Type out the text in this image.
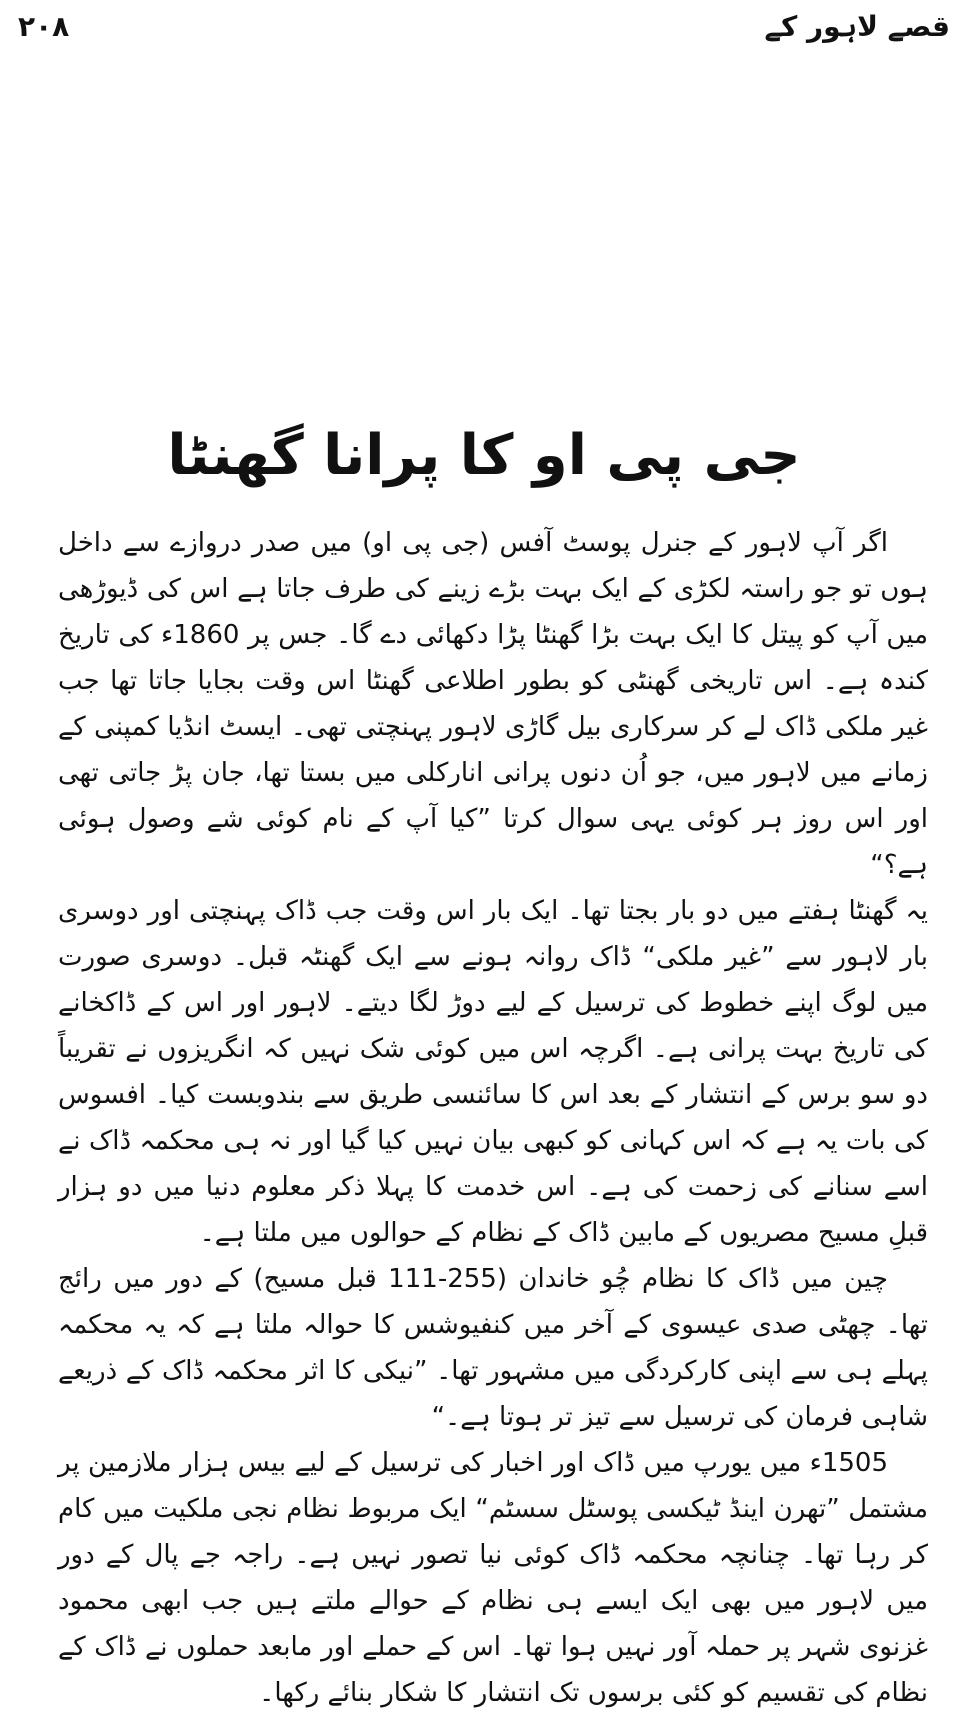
۲۰۸	قصے لاہور کے
جی پی او کا پرانا گھنٹا

اگر آپ لاہور کے جنرل پوسٹ آفس (جی پی او) میں صدر دروازے سے داخل ہوں تو جو راستہ لکڑی کے ایک بہت بڑے زینے کی طرف جاتا ہے اس کی ڈیوڑھی میں آپ کو پیتل کا ایک بہت بڑا گھنٹا پڑا دکھائی دے گا۔ جس پر 1860ء کی تاریخ کندہ ہے۔ اس تاریخی گھنٹی کو بطور اطلاعی گھنٹا اس وقت بجایا جاتا تھا جب غیر ملکی ڈاک لے کر سرکاری بیل گاڑی لاہور پہنچتی تھی۔ ایسٹ انڈیا کمپنی کے زمانے میں لاہور میں، جو اُن دنوں پرانی انارکلی میں بستا تھا، جان پڑ جاتی تھی اور اس روز ہر کوئی یہی سوال کرتا ”کیا آپ کے نام کوئی شے وصول ہوئی ہے؟“

یہ گھنٹا ہفتے میں دو بار بجتا تھا۔ ایک بار اس وقت جب ڈاک پہنچتی اور دوسری بار لاہور سے ”غیر ملکی“ ڈاک روانہ ہونے سے ایک گھنٹہ قبل۔ دوسری صورت میں لوگ اپنے خطوط کی ترسیل کے لیے دوڑ لگا دیتے۔ لاہور اور اس کے ڈاکخانے کی تاریخ بہت پرانی ہے۔ اگرچہ اس میں کوئی شک نہیں کہ انگریزوں نے تقریباً دو سو برس کے انتشار کے بعد اس کا سائنسی طریق سے بندوبست کیا۔ افسوس کی بات یہ ہے کہ اس کہانی کو کبھی بیان نہیں کیا گیا اور نہ ہی محکمہ ڈاک نے اسے سنانے کی زحمت کی ہے۔ اس خدمت کا پہلا ذکر معلوم دنیا میں دو ہزار قبلِ مسیح مصریوں کے مابین ڈاک کے نظام کے حوالوں میں ملتا ہے۔

چین میں ڈاک کا نظام چُو خاندان (255-111 قبل مسیح) کے دور میں رائج تھا۔ چھٹی صدی عیسوی کے آخر میں کنفیوشس کا حوالہ ملتا ہے کہ یہ محکمہ پہلے ہی سے اپنی کارکردگی میں مشہور تھا۔ ”نیکی کا اثر محکمہ ڈاک کے ذریعے شاہی فرمان کی ترسیل سے تیز تر ہوتا ہے۔“

1505ء میں یورپ میں ڈاک اور اخبار کی ترسیل کے لیے بیس ہزار ملازمین پر مشتمل ”تھرن اینڈ ٹیکسی پوسٹل سسٹم“ ایک مربوط نظام نجی ملکیت میں کام کر رہا تھا۔ چنانچہ محکمہ ڈاک کوئی نیا تصور نہیں ہے۔ راجہ جے پال کے دور میں لاہور میں بھی ایک ایسے ہی نظام کے حوالے ملتے ہیں جب ابھی محمود غزنوی شہر پر حملہ آور نہیں ہوا تھا۔ اس کے حملے اور مابعد حملوں نے ڈاک کے نظام کی تقسیم کو کئی برسوں تک انتشار کا شکار بنائے رکھا۔
